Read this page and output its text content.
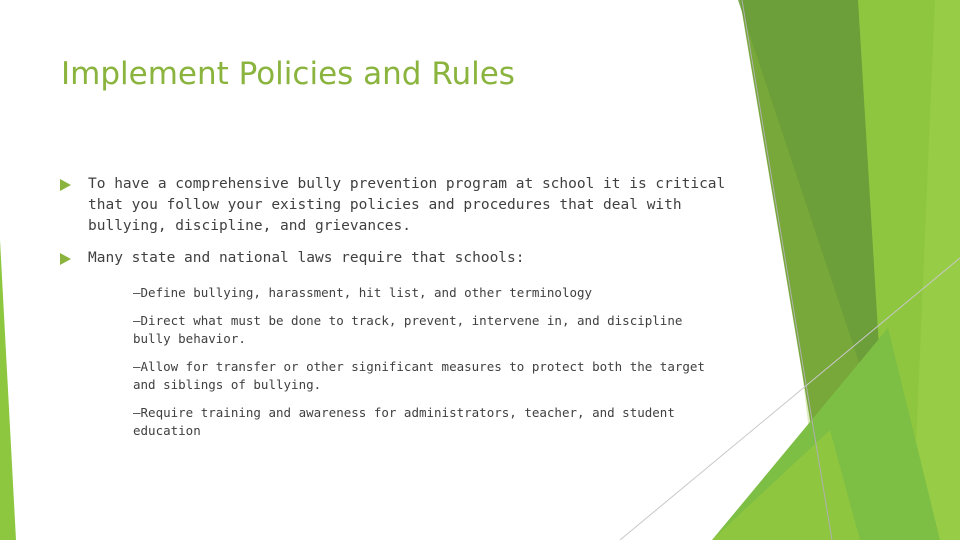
Implement Policies and Rules
To have a comprehensive bully prevention program at school it is critical that you follow your existing policies and procedures that deal with bullying, discipline, and grievances.
Many state and national laws require that schools:
–Define bullying, harassment, hit list, and other terminology
–Direct what must be done to track, prevent, intervene in, and discipline bully behavior.
–Allow for transfer or other significant measures to protect both the target and siblings of bullying.
–Require training and awareness for administrators, teacher, and student education
